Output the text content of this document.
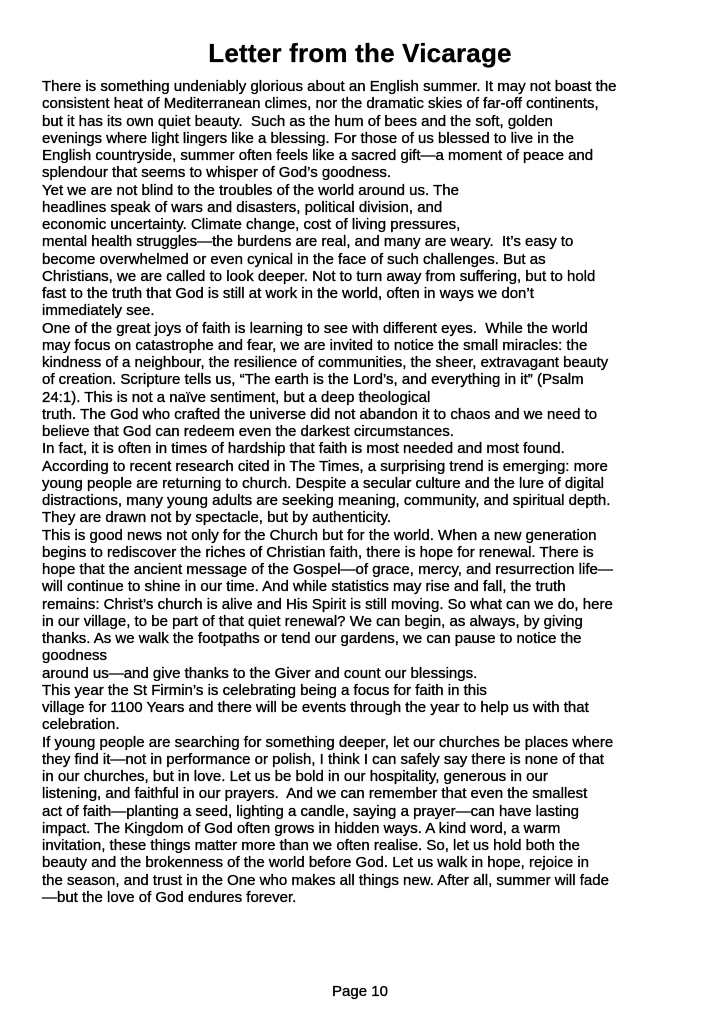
Letter from the Vicarage
There is something undeniably glorious about an English summer. It may not boast the
consistent heat of Mediterranean climes, nor the dramatic skies of far-off continents,
but it has its own quiet beauty.  Such as the hum of bees and the soft, golden
evenings where light lingers like a blessing. For those of us blessed to live in the
English countryside, summer often feels like a sacred gift—a moment of peace and
splendour that seems to whisper of God’s goodness.
Yet we are not blind to the troubles of the world around us. The
headlines speak of wars and disasters, political division, and
economic uncertainty. Climate change, cost of living pressures,
mental health struggles—the burdens are real, and many are weary.  It’s easy to
become overwhelmed or even cynical in the face of such challenges. But as
Christians, we are called to look deeper. Not to turn away from suffering, but to hold
fast to the truth that God is still at work in the world, often in ways we don’t
immediately see.
One of the great joys of faith is learning to see with different eyes.  While the world
may focus on catastrophe and fear, we are invited to notice the small miracles: the
kindness of a neighbour, the resilience of communities, the sheer, extravagant beauty
of creation. Scripture tells us, “The earth is the Lord’s, and everything in it” (Psalm
24:1). This is not a naïve sentiment, but a deep theological
truth. The God who crafted the universe did not abandon it to chaos and we need to
believe that God can redeem even the darkest circumstances.
In fact, it is often in times of hardship that faith is most needed and most found.
According to recent research cited in The Times, a surprising trend is emerging: more
young people are returning to church. Despite a secular culture and the lure of digital
distractions, many young adults are seeking meaning, community, and spiritual depth.
They are drawn not by spectacle, but by authenticity.
This is good news not only for the Church but for the world. When a new generation
begins to rediscover the riches of Christian faith, there is hope for renewal. There is
hope that the ancient message of the Gospel—of grace, mercy, and resurrection life—
will continue to shine in our time. And while statistics may rise and fall, the truth
remains: Christ’s church is alive and His Spirit is still moving. So what can we do, here
in our village, to be part of that quiet renewal? We can begin, as always, by giving
thanks. As we walk the footpaths or tend our gardens, we can pause to notice the
goodness
around us—and give thanks to the Giver and count our blessings.
This year the St Firmin’s is celebrating being a focus for faith in this
village for 1100 Years and there will be events through the year to help us with that
celebration.
If young people are searching for something deeper, let our churches be places where
they find it—not in performance or polish, I think I can safely say there is none of that
in our churches, but in love. Let us be bold in our hospitality, generous in our
listening, and faithful in our prayers.  And we can remember that even the smallest
act of faith—planting a seed, lighting a candle, saying a prayer—can have lasting
impact. The Kingdom of God often grows in hidden ways. A kind word, a warm
invitation, these things matter more than we often realise. So, let us hold both the
beauty and the brokenness of the world before God. Let us walk in hope, rejoice in
the season, and trust in the One who makes all things new. After all, summer will fade
—but the love of God endures forever.
Page 10
